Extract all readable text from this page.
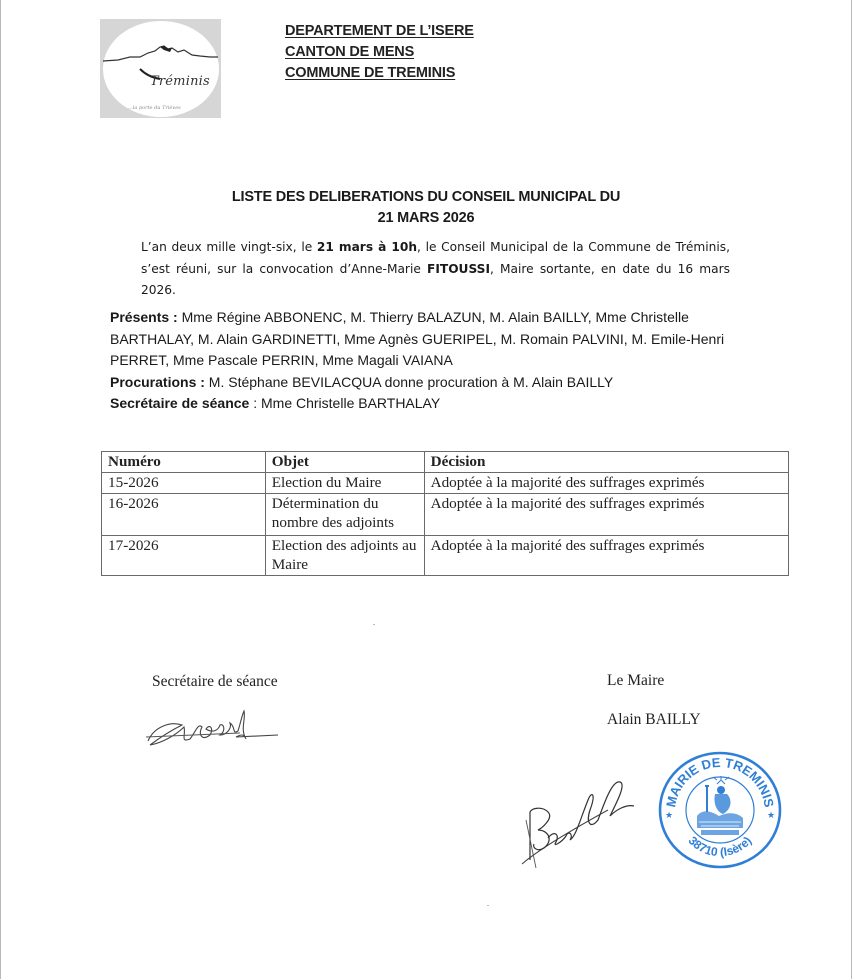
Tréminis
...la porte du Trièves
DEPARTEMENT DE L’ISERE
CANTON DE MENS
COMMUNE DE TREMINIS
LISTE DES DELIBERATIONS DU CONSEIL MUNICIPAL DU
21 MARS 2026
L’an deux mille vingt-six, le 21 mars à 10h, le Conseil Municipal de la Commune de Tréminis, s’est réuni, sur la convocation d’Anne-Marie FITOUSSI, Maire sortante, en date du 16 mars 2026.
Présents : Mme Régine ABBONENC, M. Thierry BALAZUN, M. Alain BAILLY, Mme Christelle BARTHALAY, M. Alain GARDINETTI, Mme Agnès GUERIPEL, M. Romain PALVINI, M. Emile-Henri PERRET, Mme Pascale PERRIN, Mme Magali VAIANA
Procurations : M. Stéphane BEVILACQUA donne procuration à M. Alain BAILLY
Secrétaire de séance : Mme Christelle BARTHALAY
Numéro	Objet	Décision
15-2026	Election du Maire	Adoptée à la majorité des suffrages exprimés
16-2026	Détermination du nombre des adjoints	Adoptée à la majorité des suffrages exprimés
17-2026	Election des adjoints au Maire	Adoptée à la majorité des suffrages exprimés
Secrétaire de séance	Le Maire
Alain BAILLY
MAIRIE DE TREMINIS
38710 (Isère)
★	★
